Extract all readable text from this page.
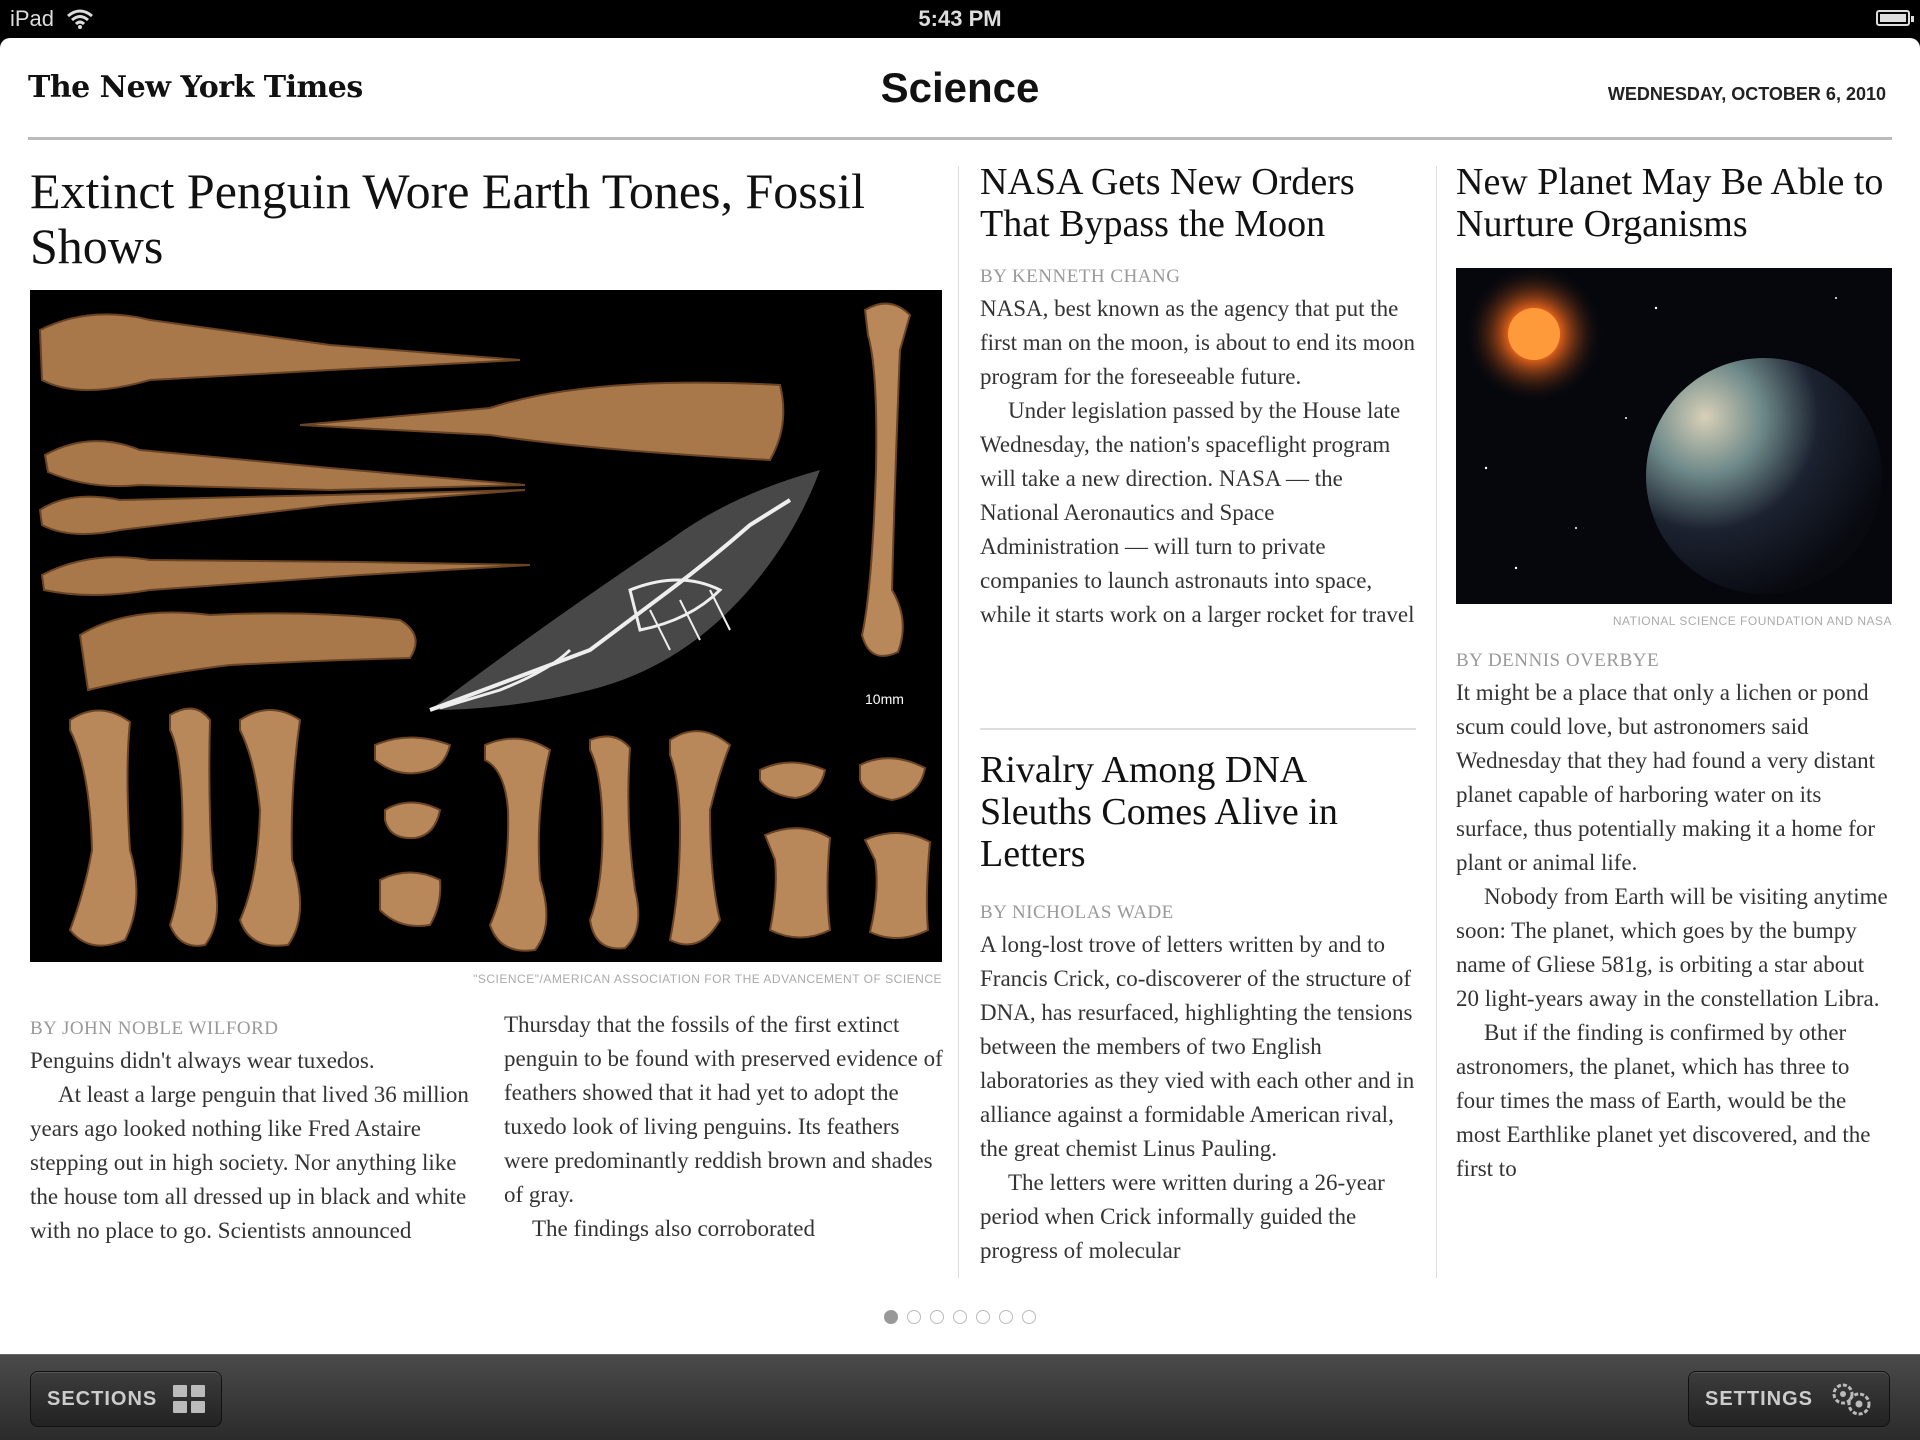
iPad	5:43 PM
The New York Times	Science	WEDNESDAY, OCTOBER 6, 2010
Extinct Penguin Wore Earth Tones, Fossil Shows
10mm
"SCIENCE"/AMERICAN ASSOCIATION FOR THE ADVANCEMENT OF SCIENCE
BY JOHN NOBLE WILFORD

Penguins didn't always wear tuxedos.

At least a large penguin that lived 36 million years ago looked nothing like Fred Astaire stepping out in high society. Nor anything like the house tom all dressed up in black and white with no place to go. Scientists announced

Thursday that the fossils of the first extinct penguin to be found with preserved evidence of feathers showed that it had yet to adopt the tuxedo look of living penguins. Its feathers were predominantly reddish brown and shades of gray.

The findings also corroborated

NASA Gets New Orders That Bypass the Moon
BY KENNETH CHANG

NASA, best known as the agency that put the first man on the moon, is about to end its moon program for the foreseeable future.

Under legislation passed by the House late Wednesday, the nation's spaceflight program will take a new direction. NASA — the National Aeronautics and Space Administration — will turn to private companies to launch astronauts into space, while it starts work on a larger rocket for travel

Rivalry Among DNA Sleuths Comes Alive in Letters
BY NICHOLAS WADE

A long-lost trove of letters written by and to Francis Crick, co-discoverer of the structure of DNA, has resurfaced, highlighting the tensions between the members of two English laboratories as they vied with each other and in alliance against a formidable American rival, the great chemist Linus Pauling.

The letters were written during a 26-year period when Crick informally guided the progress of molecular

New Planet May Be Able to Nurture Organisms
NATIONAL SCIENCE FOUNDATION AND NASA
BY DENNIS OVERBYE

It might be a place that only a lichen or pond scum could love, but astronomers said Wednesday that they had found a very distant planet capable of harboring water on its surface, thus potentially making it a home for plant or animal life.

Nobody from Earth will be visiting anytime soon: The planet, which goes by the bumpy name of Gliese 581g, is orbiting a star about 20 light-years away in the constellation Libra.

But if the finding is confirmed by other astronomers, the planet, which has three to four times the mass of Earth, would be the most Earthlike planet yet discovered, and the first to

SECTIONS	SETTINGS
